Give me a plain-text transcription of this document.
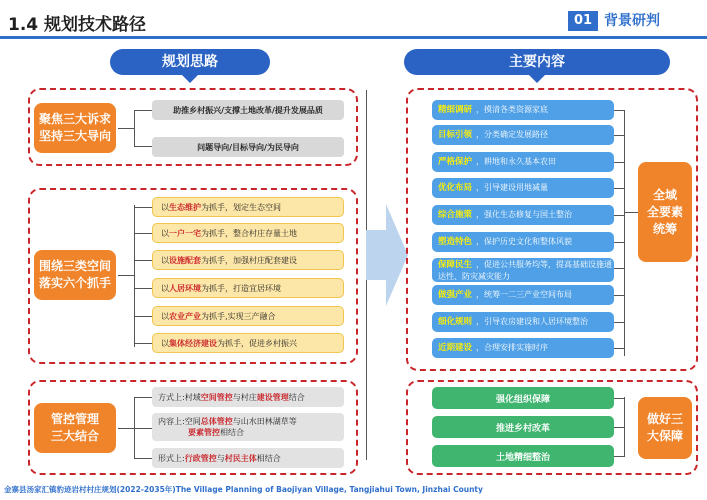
1.4 规划技术路径	01 背景研判
规划思路	主要内容
聚焦三大诉求
坚持三大导向
助推乡村振兴/支撑土地改革/提升发展品质
问题导向/目标导向/为民导向
围绕三类空间
落实六个抓手
以 生态维护 为抓手，划定生态空间
以 一户一宅 为抓手，整合村庄存量土地
以 设施配套 为抓手，加强村庄配套建设
以 人居环境 为抓手，打造宜居环境
以 农业产业 为抓手,实现三产融合
以 集体经济建设 为抓手，促进乡村振兴
管控管理
三大结合
方式上:村域 空间管控 与村庄 建设管理 结合
内容上:空间 总体管控 与山水田林湖草等
要素管控 相结合
形式上: 行政管控 与 村民主体 相结合
精细调研 ，摸清各类资源家底
目标引领 ，分类确定发展路径
严格保护 ，耕地和永久基本农田
优化布局 ，引导建设用地减量
综合施策 ，强化生态修复与国土整治
塑造特色 ，保护历史文化和整体风貌
保障民生 ，促进公共服务均等，提高基础设施通达性、防灾减灾能力
做强产业 ，统筹一二三产业空间布局
细化规则 ，引导农房建设和人居环境整治
近期建设 ，合理安排实施时序
全域
全要素
统筹
强化组织保障
推进乡村改革
土地精细整治
做好三
大保障
金寨县汤家汇镇豹迹岩村村庄规划(2022-2035年)The Village Planning of Baojiyan Village, Tangjiahui Town, Jinzhai County
